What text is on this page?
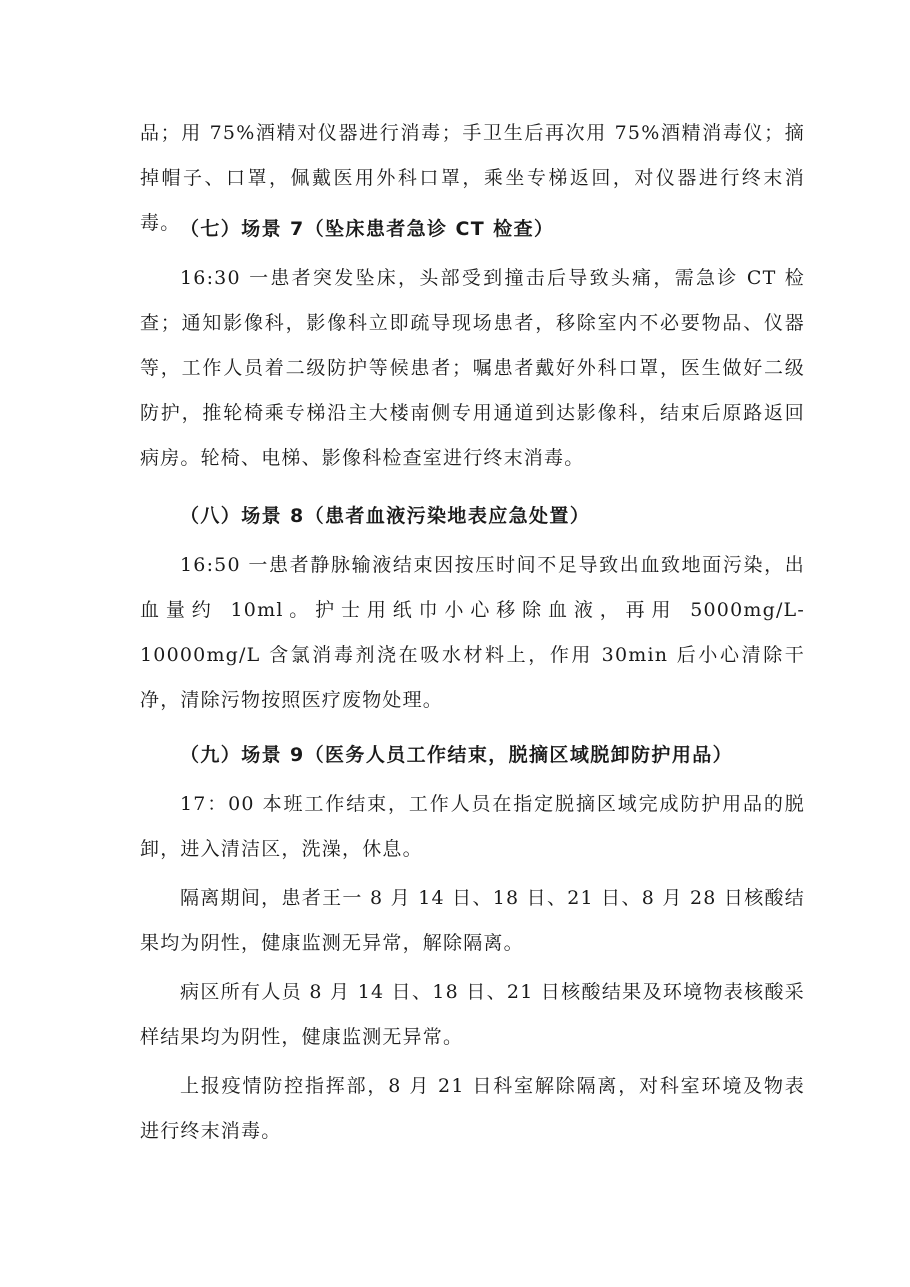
品；用 75%酒精对仪器进行消毒；手卫生后再次用 75%酒精消毒仪；摘掉帽子、口罩，佩戴医用外科口罩，乘坐专梯返回，对仪器进行终末消毒。 （七）场景 7（坠床患者急诊 CT 检查）

16:30 一患者突发坠床，头部受到撞击后导致头痛，需急诊 CT 检查；通知影像科，影像科立即疏导现场患者，移除室内不必要物品、仪器等，工作人员着二级防护等候患者；嘱患者戴好外科口罩，医生做好二级防护，推轮椅乘专梯沿主大楼南侧专用通道到达影像科，结束后原路返回病房。轮椅、电梯、影像科检查室进行终末消毒。

（八）场景 8（患者血液污染地表应急处置）

16:50 一患者静脉输液结束因按压时间不足导致出血致地面污染，出血量约 10ml。护士用纸巾小心移除血液，再用 5000mg/L-10000mg/L 含氯消毒剂浇在吸水材料上，作用 30min 后小心清除干净，清除污物按照医疗废物处理。

（九）场景 9（医务人员工作结束，脱摘区域脱卸防护用品）

17：00 本班工作结束，工作人员在指定脱摘区域完成防护用品的脱卸，进入清洁区，洗澡，休息。

隔离期间，患者王一 8 月 14 日、18 日、21 日、8 月 28 日核酸结果均为阴性，健康监测无异常，解除隔离。

病区所有人员 8 月 14 日、18 日、21 日核酸结果及环境物表核酸采样结果均为阴性，健康监测无异常。

上报疫情防控指挥部，8 月 21 日科室解除隔离，对科室环境及物表进行终末消毒。
